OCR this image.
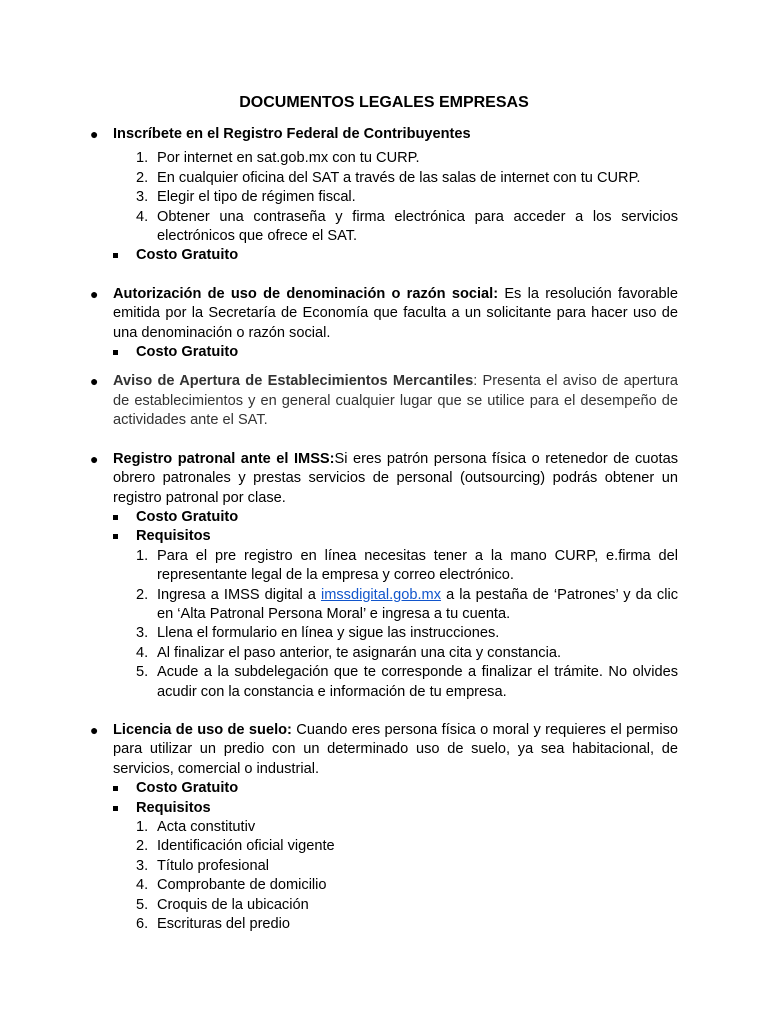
DOCUMENTOS LEGALES EMPRESAS
● Inscríbete en el Registro Federal de Contribuyentes
1. Por internet en sat.gob.mx con tu CURP.
2. En cualquier oficina del SAT a través de las salas de internet con tu CURP.
3. Elegir el tipo de régimen fiscal.
4. Obtener una contraseña y firma electrónica para acceder a los servicios electrónicos que ofrece el SAT.
Costo Gratuito
● Autorización de uso de denominación o razón social: Es la resolución favorable emitida por la Secretaría de Economía que faculta a un solicitante para hacer uso de una denominación o razón social.
Costo Gratuito
● Aviso de Apertura de Establecimientos Mercantiles: Presenta el aviso de apertura de establecimientos y en general cualquier lugar que se utilice para el desempeño de actividades ante el SAT.
● Registro patronal ante el IMSS:Si eres patrón persona física o retenedor de cuotas obrero patronales y prestas servicios de personal (outsourcing) podrás obtener un registro patronal por clase.
Costo Gratuito
Requisitos
1. Para el pre registro en línea necesitas tener a la mano CURP, e.firma del representante legal de la empresa y correo electrónico.
2. Ingresa a IMSS digital a imssdigital.gob.mx a la pestaña de ‘Patrones’ y da clic en ‘Alta Patronal Persona Moral’ e ingresa a tu cuenta.
3. Llena el formulario en línea y sigue las instrucciones.
4. Al finalizar el paso anterior, te asignarán una cita y constancia.
5. Acude a la subdelegación que te corresponde a finalizar el trámite. No olvides acudir con la constancia e información de tu empresa.
● Licencia de uso de suelo: Cuando eres persona física o moral y requieres el permiso para utilizar un predio con un determinado uso de suelo, ya sea habitacional, de servicios, comercial o industrial.
Costo Gratuito
Requisitos
1. Acta constitutiv
2. Identificación oficial vigente
3. Título profesional
4. Comprobante de domicilio
5. Croquis de la ubicación
6. Escrituras del predio
